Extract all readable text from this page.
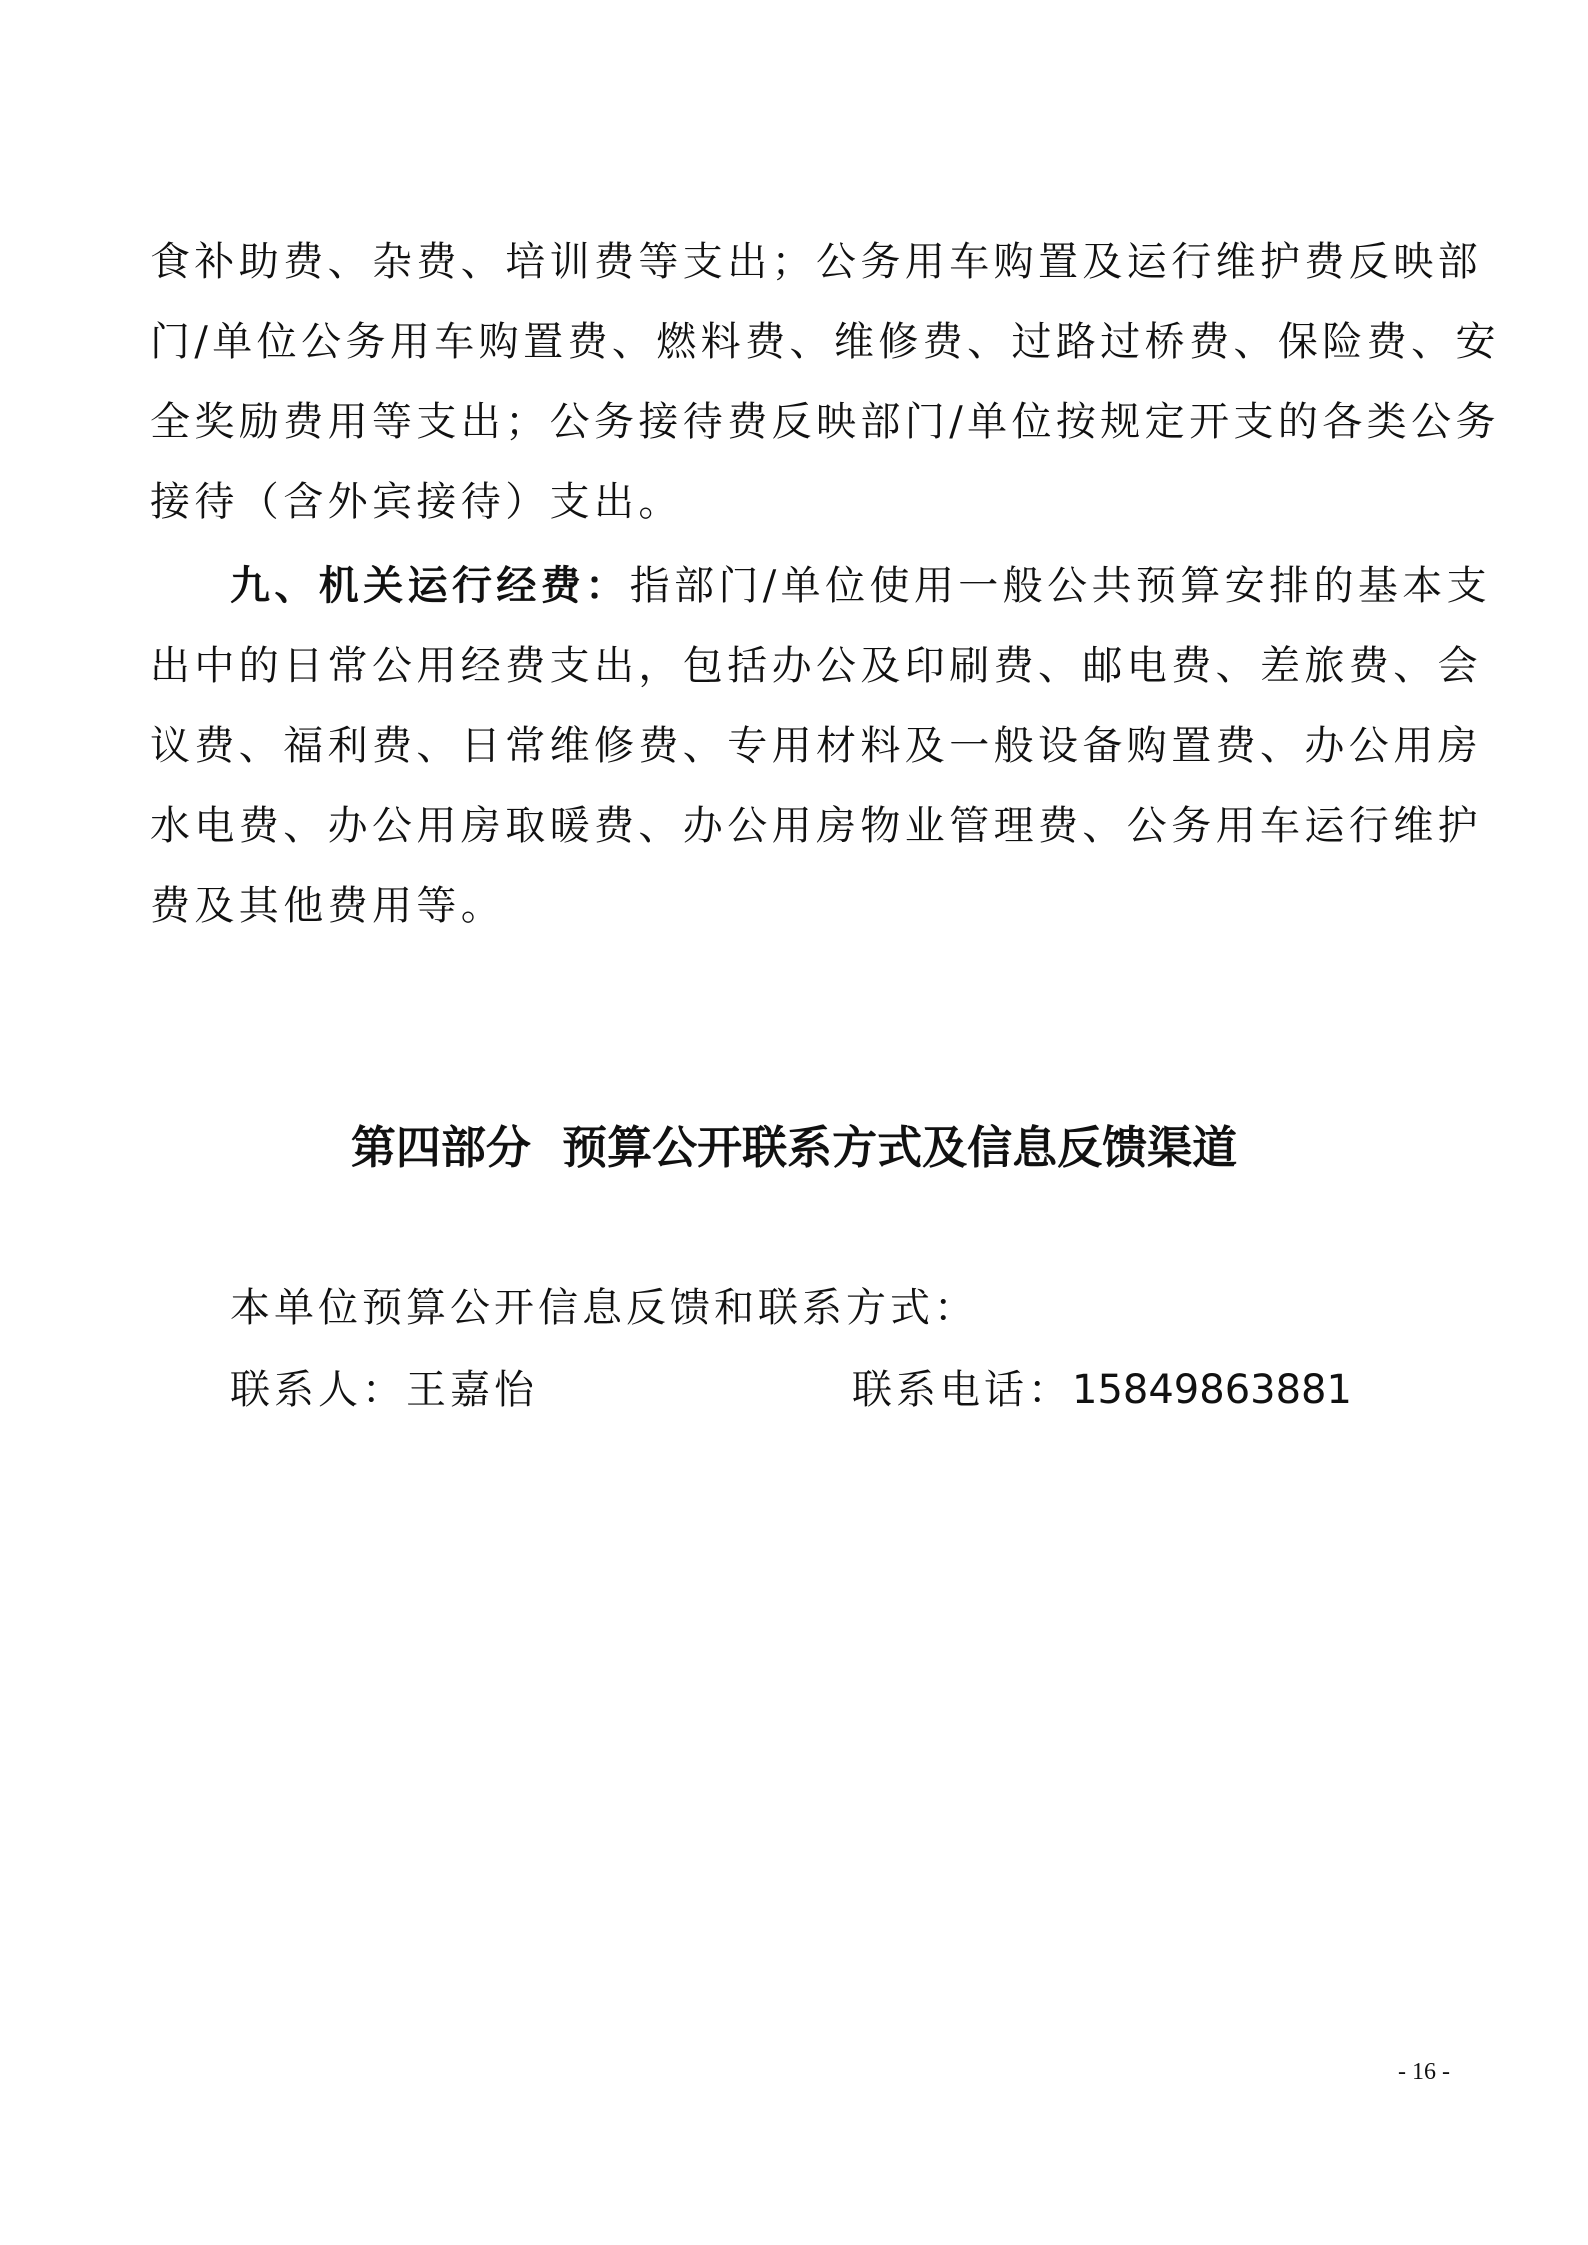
食补助费、杂费、培训费等支出；公务用车购置及运行维护费反映部
门/单位公务用车购置费、燃料费、维修费、过路过桥费、保险费、安
全奖励费用等支出；公务接待费反映部门/单位按规定开支的各类公务
接待（含外宾接待）支出。
九、机关运行经费：指部门/单位使用一般公共预算安排的基本支
出中的日常公用经费支出，包括办公及印刷费、邮电费、差旅费、会
议费、福利费、日常维修费、专用材料及一般设备购置费、办公用房
水电费、办公用房取暖费、办公用房物业管理费、公务用车运行维护
费及其他费用等。
第四部分  预算公开联系方式及信息反馈渠道
本单位预算公开信息反馈和联系方式：
联系人：王嘉怡	联系电话：15849863881
- 16 -
